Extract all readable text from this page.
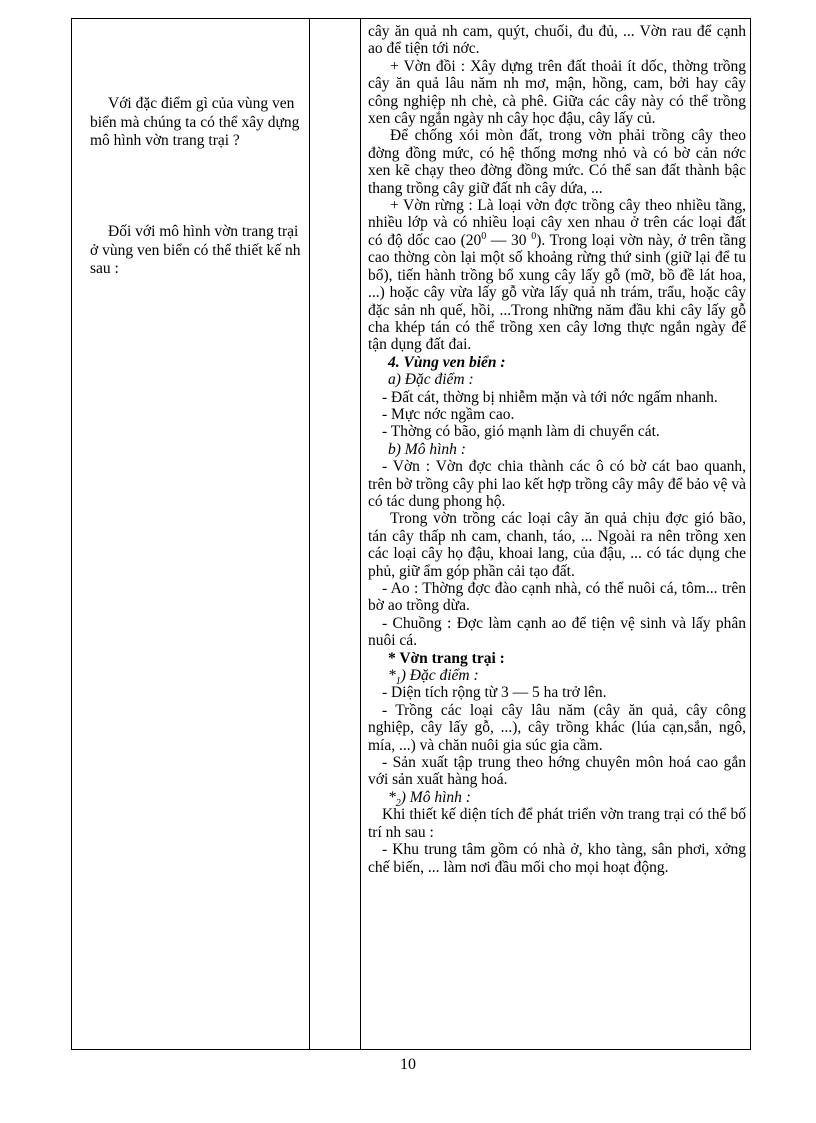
Với đặc điểm gì của vùng ven biển mà chúng ta có thể xây dựng mô hình vờn trang trại ?

Đối với mô hình vờn trang trại ở vùng ven biển có thể thiết kế nh sau :

cây ăn quả nh cam, quýt, chuối, đu đủ, ... Vờn rau để cạnh ao để tiện tới nớc.

+ Vờn đồi : Xây dựng trên đất thoải ít dốc, thờng trồng cây ăn quả lâu năm nh mơ, mận, hồng, cam, bởi hay cây công nghiệp nh chè, cà phê. Giữa các cây này có thể trồng xen cây ngắn ngày nh cây học đậu, cây lấy củ.

Để chống xói mòn đất, trong vờn phải trồng cây theo đờng đồng mức, có hệ thống mơng nhỏ và có bờ cản nớc xen kẽ chạy theo đờng đồng mức. Có thể san đất thành bậc thang trồng cây giữ đất nh cây dứa, ...

+ Vờn rừng : Là loại vờn đợc trồng cây theo nhiều tầng, nhiều lớp và có nhiều loại cây xen nhau ở trên các loại đất có độ dốc cao ($20^0$ — 30 $^0$). Trong loại vờn này, ở trên tầng cao thờng còn lại một số khoảng rừng thứ sinh (giữ lại để tu bổ), tiến hành trồng bổ xung cây lấy gỗ (mỡ, bồ đề lát hoa, ...) hoặc cây vừa lấy gỗ vừa lấy quả nh trám, trẩu, hoặc cây đặc sản nh quế, hồi, ...Trong những năm đầu khi cây lấy gỗ cha khép tán có thể trồng xen cây lơng thực ngắn ngày để tận dụng đất đai.

4. Vùng ven biển :

a) Đặc điểm :

- Đất cát, thờng bị nhiễm mặn và tới nớc ngấm nhanh.

- Mực nớc ngầm cao.

- Thờng có bão, gió mạnh làm di chuyển cát.

b) Mô hình :

- Vờn : Vờn đợc chia thành các ô có bờ cát bao quanh, trên bờ trồng cây phi lao kết hợp trồng cây mây để bảo vệ và có tác dung phong hộ.

Trong vờn trồng các loại cây ăn quả chịu đợc gió bão, tán cây thấp nh cam, chanh, táo, ... Ngoài ra nên trồng xen các loại cây họ đậu, khoai lang, của đậu, ... có tác dụng che phủ, giữ ẩm góp phần cải tạo đất.

- Ao : Thờng đợc đào cạnh nhà, có thể nuôi cá, tôm... trên bờ ao trồng dừa.

- Chuồng : Đợc làm cạnh ao để tiện vệ sinh và lấy phân nuôi cá.

* Vờn trang trại :

$*_1$) Đặc điểm :

- Diện tích rộng từ 3 — 5 ha trở lên.

- Trồng các loại cây lâu năm (cây ăn quả, cây công nghiệp, cây lấy gỗ, ...), cây trồng khác (lúa cạn,sắn, ngô, mía, ...) và chăn nuôi gia súc gia cầm.

- Sản xuất tập trung theo hớng chuyên môn hoá cao gắn với sản xuất hàng hoá.

$*_2$) Mô hình :

Khi thiết kế diện tích để phát triển vờn trang trại có thể bố trí nh sau :

- Khu trung tâm gồm có nhà ở, kho tàng, sân phơi, xởng chế biến, ... làm nơi đầu mối cho mọi hoạt động.

10
